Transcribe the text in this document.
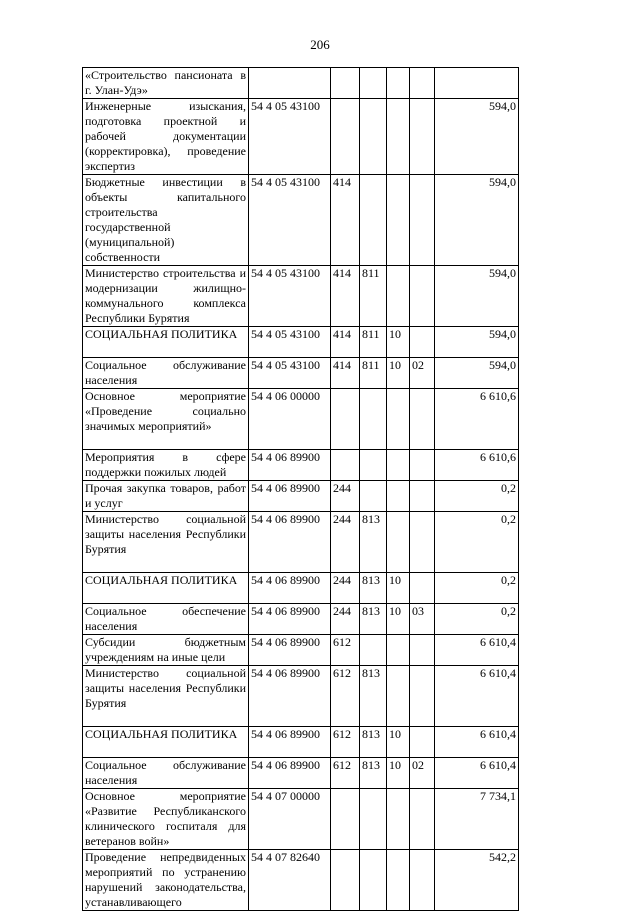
206
«Строительство пансионата в г. Улан-Удэ»						
Инженерные изыскания, подготовка проектной и рабочей документации (корректировка), проведение экспертиз	54 4 05 43100					594,0
Бюджетные инвестиции в объекты капитального строительства государственной (муниципальной) собственности	54 4 05 43100	414				594,0
Министерство строительства и модернизации жилищно-коммунального комплекса Республики Бурятия	54 4 05 43100	414	811			594,0
СОЦИАЛЬНАЯ ПОЛИТИКА	54 4 05 43100	414	811	10		594,0
Социальное обслуживание населения	54 4 05 43100	414	811	10	02	594,0
Основное мероприятие «Проведение социально значимых мероприятий»	54 4 06 00000					6 610,6
Мероприятия в сфере поддержки пожилых людей	54 4 06 89900					6 610,6
Прочая закупка товаров, работ и услуг	54 4 06 89900	244				0,2
Министерство социальной защиты населения Республики Бурятия	54 4 06 89900	244	813			0,2
СОЦИАЛЬНАЯ ПОЛИТИКА	54 4 06 89900	244	813	10		0,2
Социальное обеспечение населения	54 4 06 89900	244	813	10	03	0,2
Субсидии бюджетным учреждениям на иные цели	54 4 06 89900	612				6 610,4
Министерство социальной защиты населения Республики Бурятия	54 4 06 89900	612	813			6 610,4
СОЦИАЛЬНАЯ ПОЛИТИКА	54 4 06 89900	612	813	10		6 610,4
Социальное обслуживание населения	54 4 06 89900	612	813	10	02	6 610,4
Основное мероприятие «Развитие Республиканского клинического госпиталя для ветеранов войн»	54 4 07 00000					7 734,1
Проведение непредвиденных мероприятий по устранению нарушений законодательства, устанавливающего	54 4 07 82640					542,2
